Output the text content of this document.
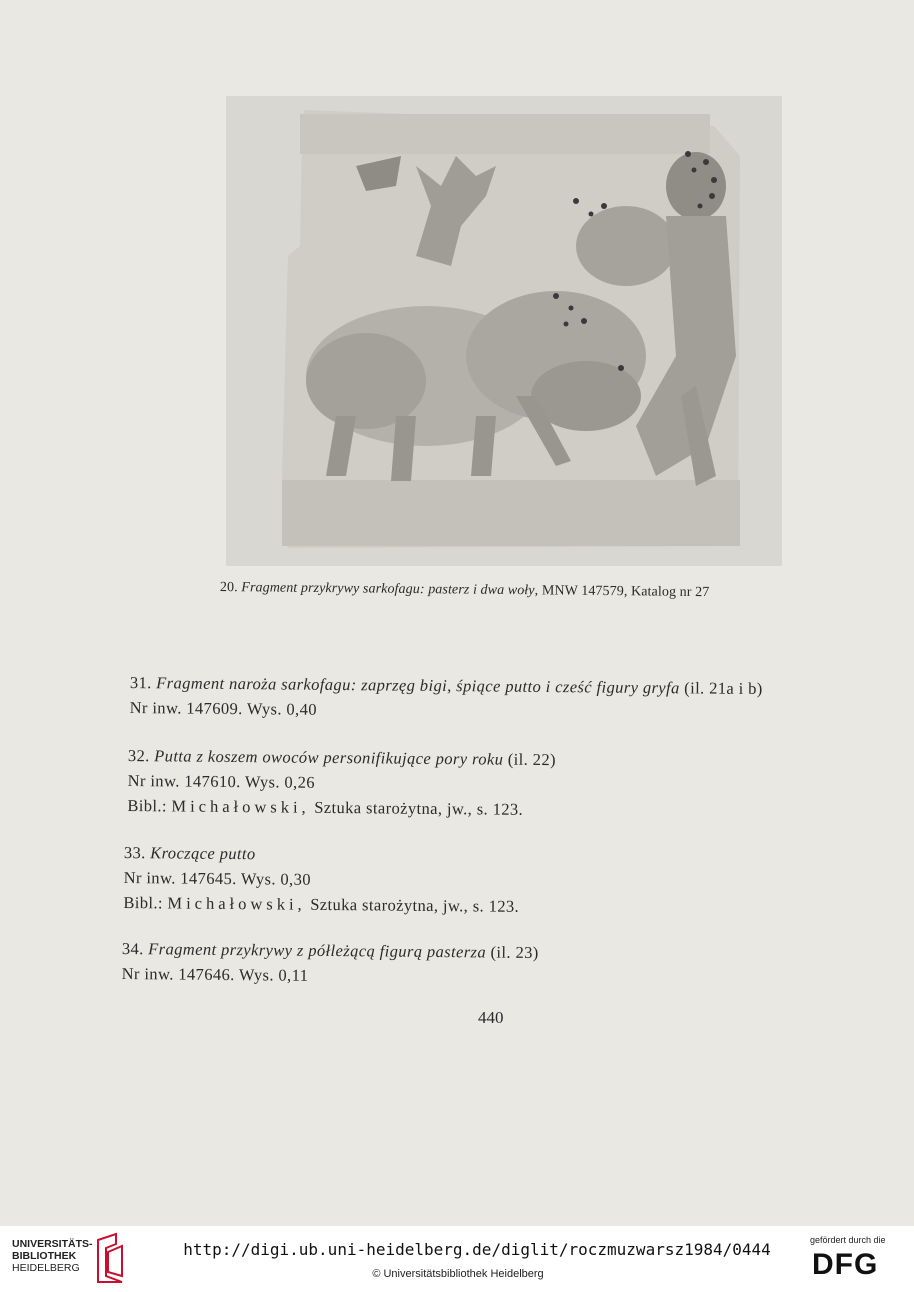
20. Fragment przykrywy sarkofagu: pasterz i dwa woły, MNW 147579, Katalog nr 27
31. Fragment naroża sarkofagu: zaprzęg bigi, śpiące putto i cześć figury gryfa (il. 21a i b)
Nr inw. 147609. Wys. 0,40
32. Putta z koszem owoców personifikujące pory roku (il. 22)
Nr inw. 147610. Wys. 0,26
Bibl.: Michałowski, Sztuka starożytna, jw., s. 123.
33. Kroczące putto
Nr inw. 147645. Wys. 0,30
Bibl.: Michałowski, Sztuka starożytna, jw., s. 123.
34. Fragment przykrywy z półleżącą figurą pasterza (il. 23)
Nr inw. 147646. Wys. 0,11
440
UNIVERSITÄTS-
BIBLIOTHEK
HEIDELBERG
http://digi.ub.uni-heidelberg.de/diglit/roczmuzwarsz1984/0444
© Universitätsbibliothek Heidelberg
gefördert durch die
DFG
